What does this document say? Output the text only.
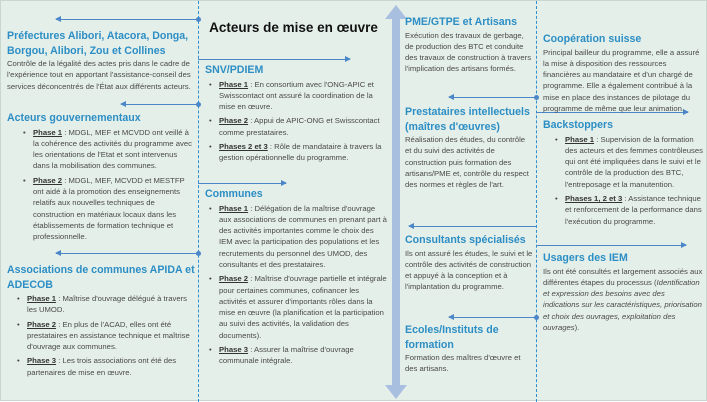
Acteurs de mise en œuvre
Préfectures Alibori, Atacora, Donga, Borgou, Alibori, Zou et Collines
Contrôle de la légalité des actes pris dans le cadre de l'expérience tout en apportant l'assistance-conseil des services déconcentrés de l'État aux différents acteurs.
Acteurs gouvernementaux
• Phase 1 : MDGL, MEF et MCVDD ont veillé à la cohérence des activités du programme avec les orientations de l'Etat et sont intervenus dans la mobilisation des communes.
• Phase 2 : MDGL, MEF, MCVDD et MESTFP ont aidé à la promotion des enseignements relatifs aux nouvelles techniques de construction en matériaux locaux dans les établissements de formation technique et professionnelle.
Associations de communes APIDA et ADECOB
• Phase 1 : Maîtrise d'ouvrage délégué à travers les UMOD.
• Phase 2 : En plus de l'ACAD, elles ont été prestataires en assistance technique et maîtrise d'ouvrage aux communes.
• Phase 3 : Les trois associations ont été des partenaires de mise en œuvre.
SNV/PDIEM
• Phase 1 : En consortium avec l'ONG-APIC et Swisscontact ont assuré la coordination de la mise en œuvre.
• Phase 2 : Appui de APIC-ONG et Swisscontact comme prestataires.
• Phases 2 et 3 : Rôle de mandataire à travers la gestion opérationnelle du programme.
Communes
• Phase 1 : Délégation de la maîtrise d'ouvrage aux associations de communes en prenant part à des activités importantes comme le choix des IEM avec la participation des populations et les recrutements du personnel des UMOD, des consultants et des prestataires.
• Phase 2 : Maîtrise d'ouvrage partielle et intégrale pour certaines communes, cofinancer les activités et assurer d'importants rôles dans la mise en œuvre (la planification et la participation au suivi des activités, la validation des documents).
• Phase 3 : Assurer la maîtrise d'ouvrage communale intégrale.
PME/GTPE et Artisans
Exécution des travaux de gerbage, de production des BTC et conduite des travaux de construction à travers l'implication des artisans formés.
Prestataires intellectuels (maîtres d'œuvres)
Réalisation des études, du contrôle et du suivi des activités de construction puis formation des artisans/PME et, contrôle du respect des normes et règles de l'art.
Consultants spécialisés
Ils ont assuré les études, le suivi et le contrôle des activités de construction et appuyé à la conception et à l'implantation du programme.
Ecoles/Instituts de formation
Formation des maîtres d'œuvre et des artisans.
Coopération suisse
Principal bailleur du programme, elle a assuré la mise à disposition des ressources financières au mandataire et d'un chargé de programme. Elle a également contribué à la mise en place des instances de pilotage du programme de même que leur animation.
Backstoppers
• Phase 1 : Supervision de la formation des acteurs et des femmes contrôleuses qui ont été impliquées dans le suivi et le contrôle de la production des BTC, l'entreposage et la manutention.
• Phases 1, 2 et 3 : Assistance technique et renforcement de la performance dans l'exécution du programme.
Usagers des IEM
Ils ont été consultés et largement associés aux différentes étapes du processus (Identification et expression des besoins avec des indications sur les caractéristiques, priorisation et choix des ouvrages, exploitation des ouvrages).
